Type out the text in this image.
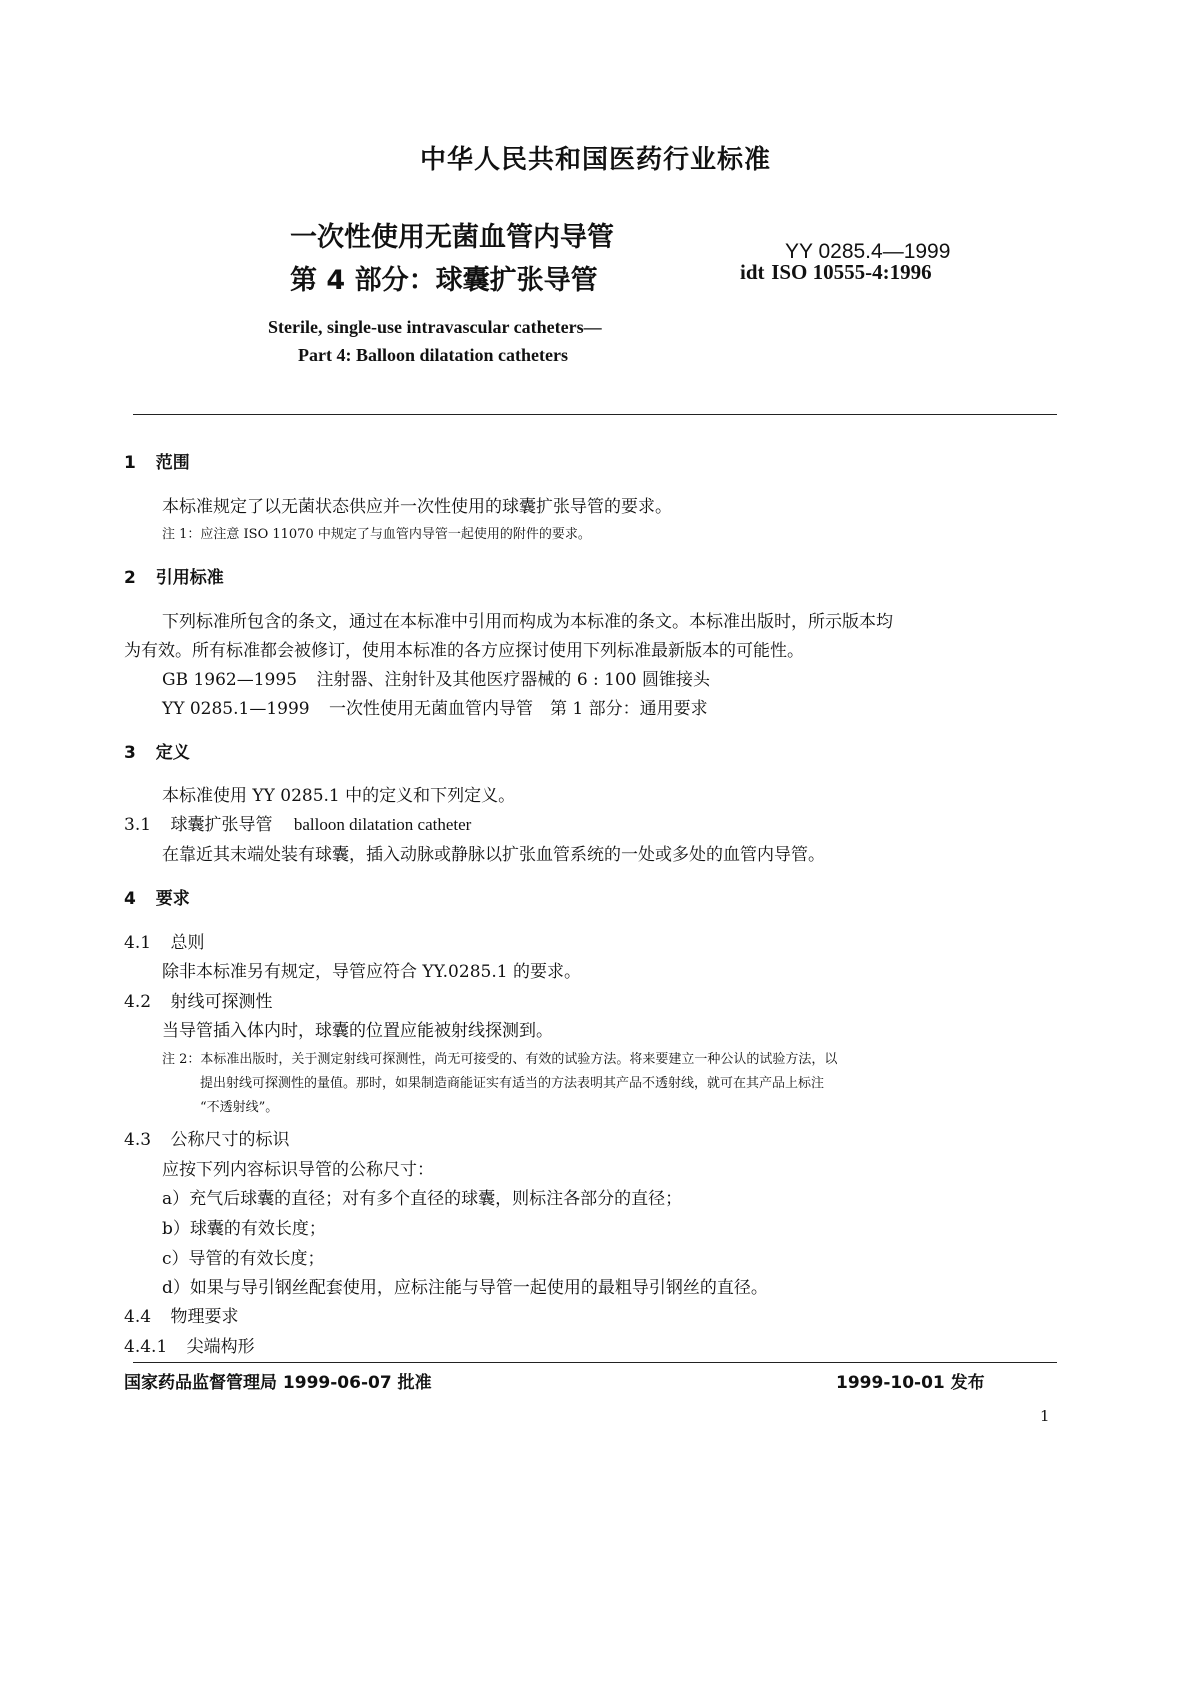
中华人民共和国医药行业标准
一次性使用无菌血管内导管
第 4 部分：球囊扩张导管
YY 0285.4—1999
idt ISO 10555-4:1996
Sterile, single-use intravascular catheters—
Part 4: Balloon dilatation catheters
1 范围
本标准规定了以无菌状态供应并一次性使用的球囊扩张导管的要求。
注 1：应注意 ISO 11070 中规定了与血管内导管一起使用的附件的要求。
2 引用标准
下列标准所包含的条文，通过在本标准中引用而构成为本标准的条文。本标准出版时，所示版本均
为有效。所有标准都会被修订，使用本标准的各方应探讨使用下列标准最新版本的可能性。
GB 1962—1995 注射器、注射针及其他医疗器械的 6 : 100 圆锥接头
YY 0285.1—1999 一次性使用无菌血管内导管　第 1 部分：通用要求
3 定义
本标准使用 YY 0285.1 中的定义和下列定义。
3.1 球囊扩张导管 balloon dilatation catheter
在靠近其末端处装有球囊，插入动脉或静脉以扩张血管系统的一处或多处的血管内导管。
4 要求
4.1 总则
除非本标准另有规定，导管应符合 YY.0285.1 的要求。
4.2 射线可探测性
当导管插入体内时，球囊的位置应能被射线探测到。
注 2：本标准出版时，关于测定射线可探测性，尚无可接受的、有效的试验方法。将来要建立一种公认的试验方法，以
提出射线可探测性的量值。那时，如果制造商能证实有适当的方法表明其产品不透射线，就可在其产品上标注
“不透射线”。
4.3 公称尺寸的标识
应按下列内容标识导管的公称尺寸：
a）充气后球囊的直径；对有多个直径的球囊，则标注各部分的直径；
b）球囊的有效长度；
c）导管的有效长度；
d）如果与导引钢丝配套使用，应标注能与导管一起使用的最粗导引钢丝的直径。
4.4 物理要求
4.4.1 尖端构形
国家药品监督管理局 1999-06-07 批准	1999-10-01 发布
1
